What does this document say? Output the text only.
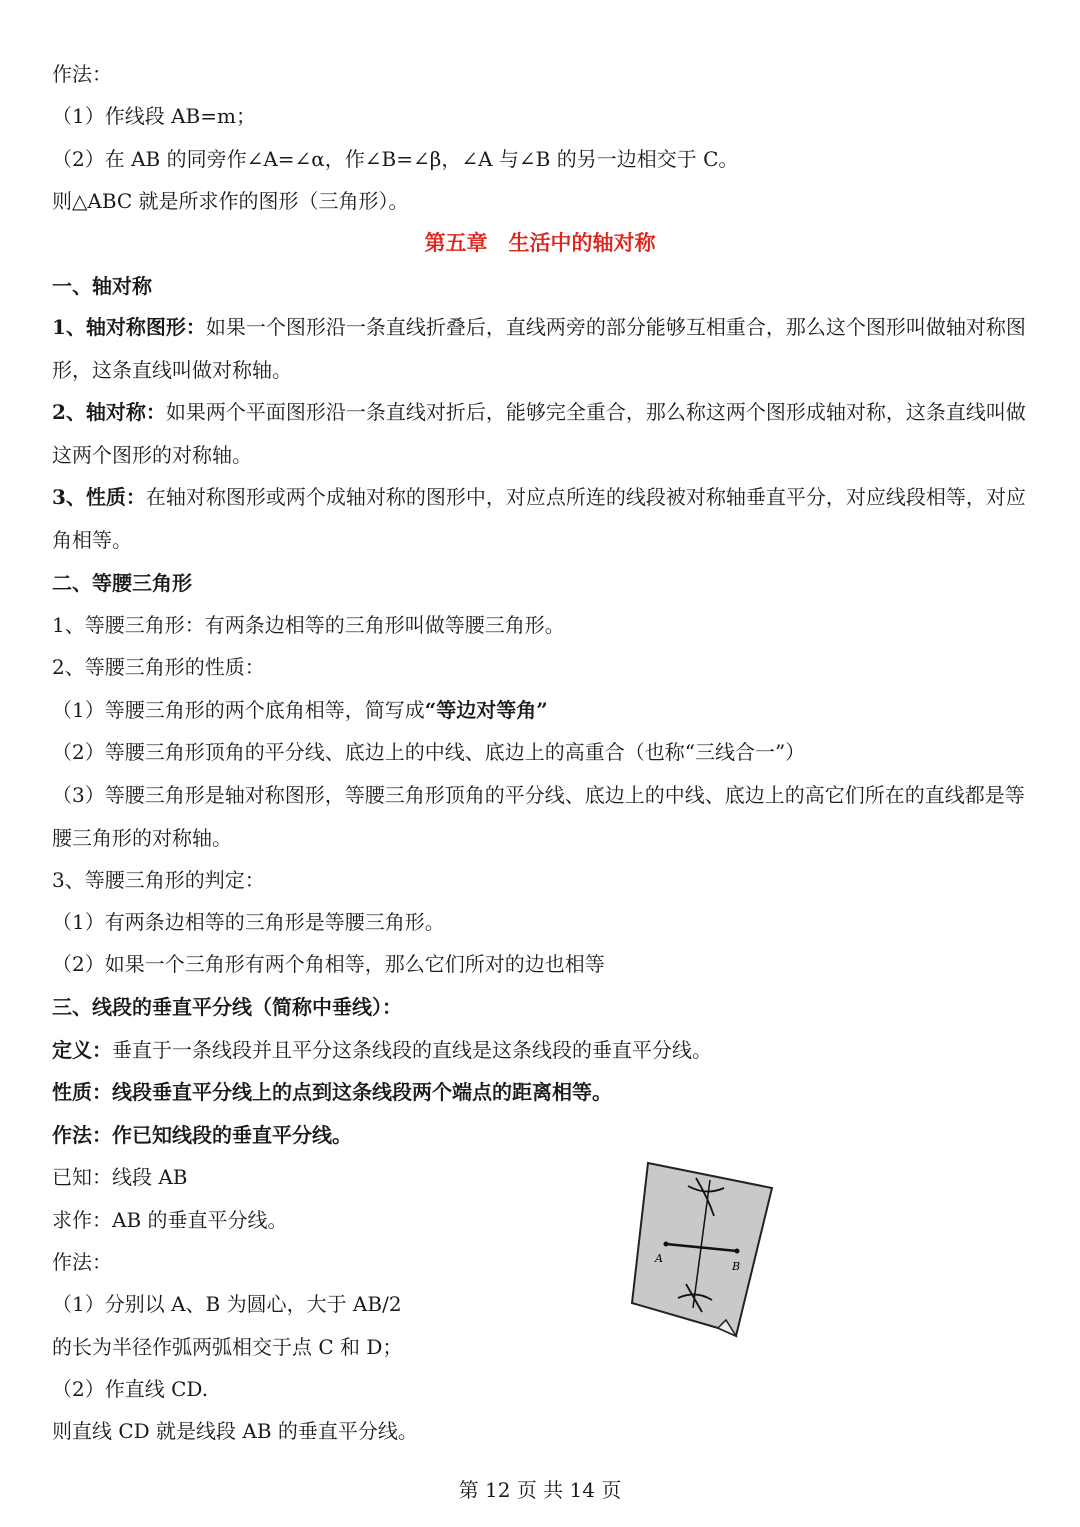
作法：
（1）作线段 AB=m；
（2）在 AB 的同旁作∠A=∠α，作∠B=∠β，∠A 与∠B 的另一边相交于 C。
则△ABC 就是所求作的图形（三角形）。
第五章　生活中的轴对称
一、轴对称
1、轴对称图形：如果一个图形沿一条直线折叠后，直线两旁的部分能够互相重合，那么这个图形叫做轴对称图形，这条直线叫做对称轴。
2、轴对称：如果两个平面图形沿一条直线对折后，能够完全重合，那么称这两个图形成轴对称，这条直线叫做这两个图形的对称轴。
3、性质：在轴对称图形或两个成轴对称的图形中，对应点所连的线段被对称轴垂直平分，对应线段相等，对应角相等。
二、等腰三角形
1、等腰三角形：有两条边相等的三角形叫做等腰三角形。
2、等腰三角形的性质：
（1）等腰三角形的两个底角相等，简写成“等边对等角”
（2）等腰三角形顶角的平分线、底边上的中线、底边上的高重合（也称“三线合一”）
（3）等腰三角形是轴对称图形，等腰三角形顶角的平分线、底边上的中线、底边上的高它们所在的直线都是等腰三角形的对称轴。
3、等腰三角形的判定：
（1）有两条边相等的三角形是等腰三角形。
（2）如果一个三角形有两个角相等，那么它们所对的边也相等
三、线段的垂直平分线（简称中垂线）：
定义：垂直于一条线段并且平分这条线段的直线是这条线段的垂直平分线。
性质：线段垂直平分线上的点到这条线段两个端点的距离相等。
作法：作已知线段的垂直平分线。
已知：线段 AB
求作：AB 的垂直平分线。
作法：
（1）分别以 A、B 为圆心，大于 AB/2
的长为半径作弧两弧相交于点 C 和 D；
（2）作直线 CD.
则直线 CD 就是线段 AB 的垂直平分线。
A
B
第 12 页 共 14 页
